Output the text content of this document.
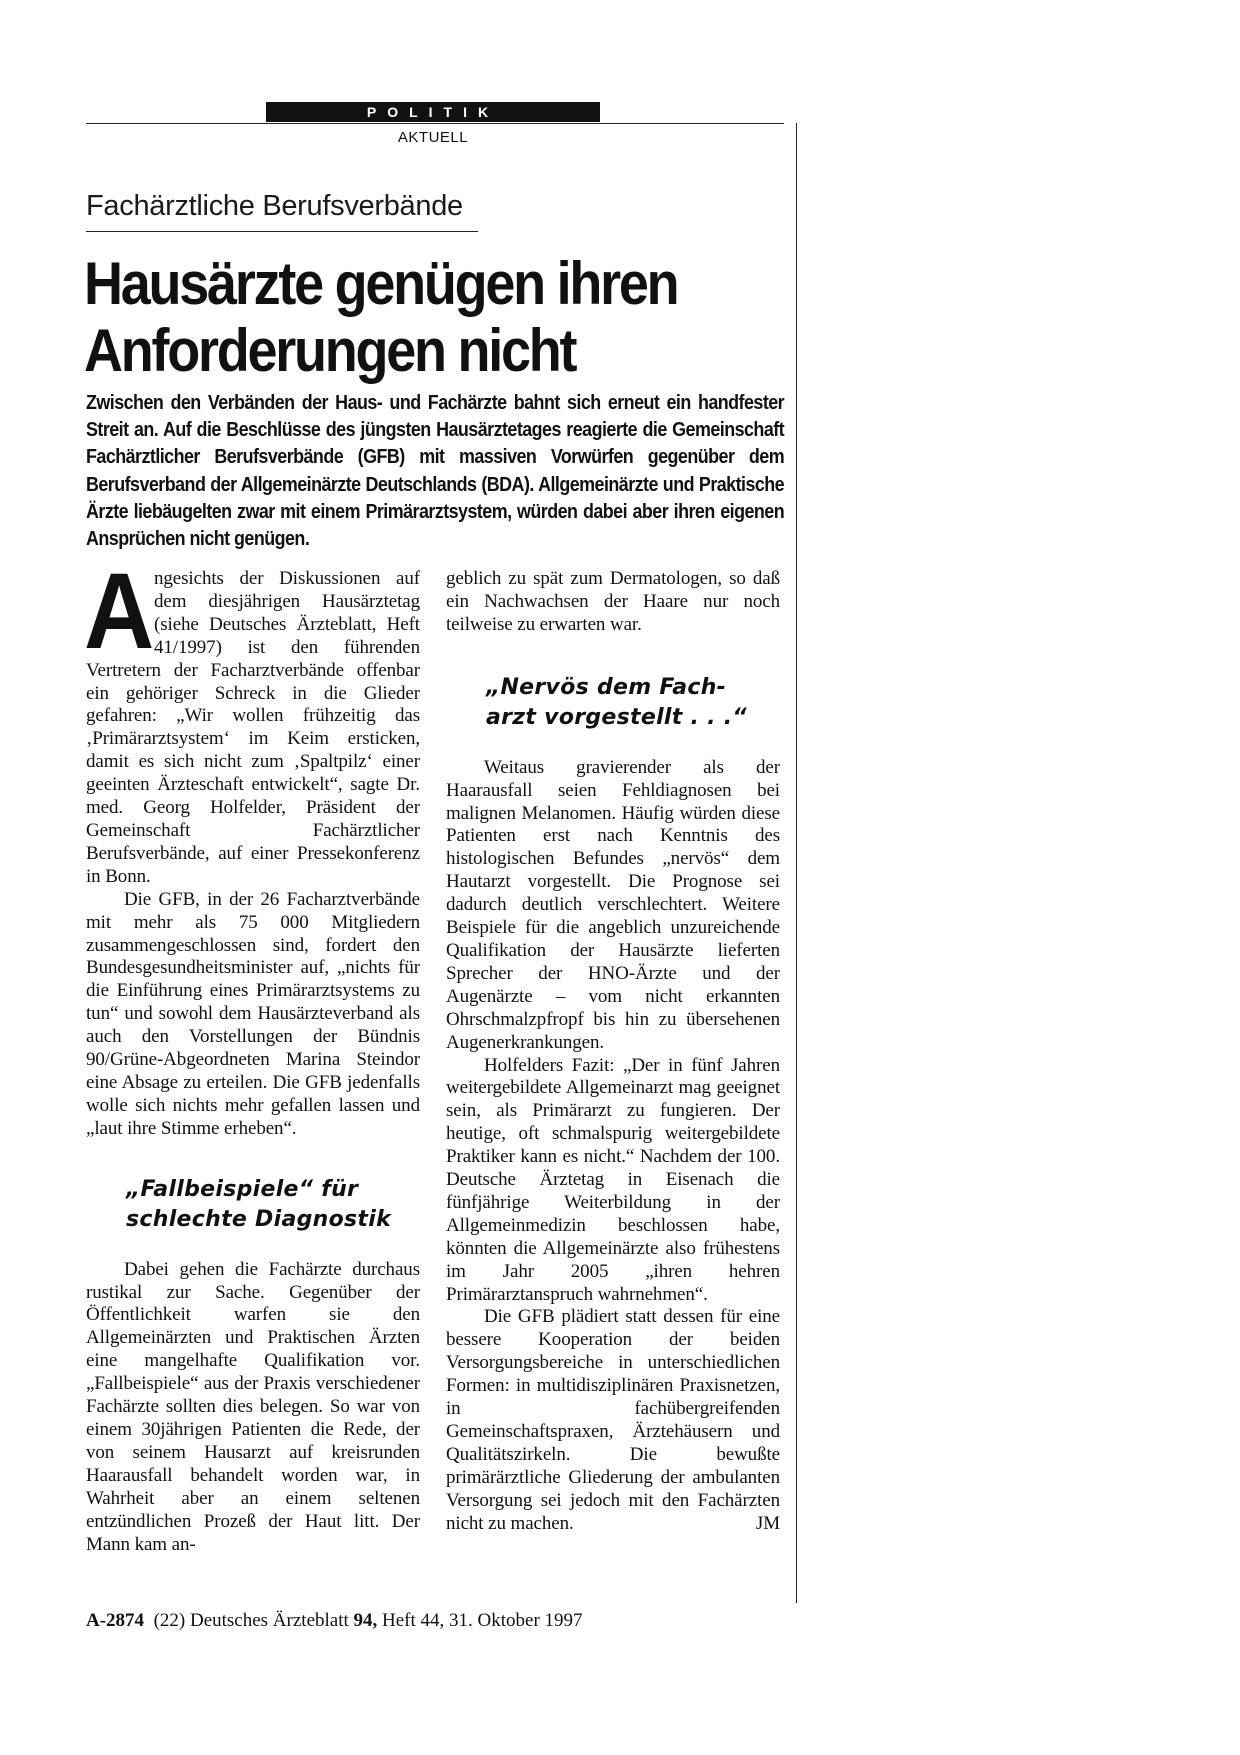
POLITIK
AKTUELL
Fachärztliche Berufsverbände
Hausärzte genügen ihren
Anforderungen nicht
Zwischen den Verbänden der Haus- und Fachärzte bahnt sich erneut ein handfester Streit an. Auf die Beschlüsse des jüngsten Hausärztetages reagierte die Gemeinschaft Fachärztlicher Berufsverbände (GFB) mit massiven Vorwürfen gegenüber dem Berufsverband der Allgemeinärzte Deutschlands (BDA). Allgemeinärzte und Praktische Ärzte liebäugelten zwar mit einem Primärarztsystem, würden dabei aber ihren eigenen Ansprüchen nicht genügen.

Angesichts der Diskussionen auf dem diesjährigen Hausärztetag (siehe Deutsches Ärzteblatt, Heft 41/1997) ist den führenden Vertretern der Facharztverbände offenbar ein gehöriger Schreck in die Glieder gefahren: „Wir wollen frühzeitig das ‚Primärarztsystem‘ im Keim ersticken, damit es sich nicht zum ‚Spaltpilz‘ einer geeinten Ärzteschaft entwickelt“, sagte Dr. med. Georg Holfelder, Präsident der Gemeinschaft Fachärztlicher Berufsverbände, auf einer Pressekonferenz in Bonn.

Die GFB, in der 26 Facharztverbände mit mehr als 75 000 Mitgliedern zusammengeschlossen sind, fordert den Bundesgesundheitsminister auf, „nichts für die Einführung eines Primärarztsystems zu tun“ und sowohl dem Hausärzteverband als auch den Vorstellungen der Bündnis 90/Grüne-Abgeordneten Marina Steindor eine Absage zu erteilen. Die GFB jedenfalls wolle sich nichts mehr gefallen lassen und „laut ihre Stimme erheben“.

„Fallbeispiele“ für
schlechte Diagnostik

Dabei gehen die Fachärzte durchaus rustikal zur Sache. Gegenüber der Öffentlichkeit warfen sie den Allgemeinärzten und Praktischen Ärzten eine mangelhafte Qualifikation vor. „Fallbeispiele“ aus der Praxis verschiedener Fachärzte sollten dies belegen. So war von einem 30jährigen Patienten die Rede, der von seinem Hausarzt auf kreisrunden Haarausfall behandelt worden war, in Wahrheit aber an einem seltenen entzündlichen Prozeß der Haut litt. Der Mann kam an-

geblich zu spät zum Dermatologen, so daß ein Nachwachsen der Haare nur noch teilweise zu erwarten war.

„Nervös dem Fach-
arzt vorgestellt . . .“

Weitaus gravierender als der Haarausfall seien Fehldiagnosen bei malignen Melanomen. Häufig würden diese Patienten erst nach Kenntnis des histologischen Befundes „nervös“ dem Hautarzt vorgestellt. Die Prognose sei dadurch deutlich verschlechtert. Weitere Beispiele für die angeblich unzureichende Qualifikation der Hausärzte lieferten Sprecher der HNO-Ärzte und der Augenärzte – vom nicht erkannten Ohrschmalzpfropf bis hin zu übersehenen Augenerkrankungen.

Holfelders Fazit: „Der in fünf Jahren weitergebildete Allgemeinarzt mag geeignet sein, als Primärarzt zu fungieren. Der heutige, oft schmalspurig weitergebildete Praktiker kann es nicht.“ Nachdem der 100. Deutsche Ärztetag in Eisenach die fünfjährige Weiterbildung in der Allgemeinmedizin beschlossen habe, könnten die Allgemeinärzte also frühestens im Jahr 2005 „ihren hehren Primärarztanspruch wahrnehmen“.

Die GFB plädiert statt dessen für eine bessere Kooperation der beiden Versorgungsbereiche in unterschiedlichen Formen: in multidisziplinären Praxisnetzen, in fachübergreifenden Gemeinschaftspraxen, Ärztehäusern und Qualitätszirkeln. Die bewußte primärärztliche Gliederung der ambulanten Versorgung sei jedoch mit den Fachärzten nicht zu machen.	JM

A-2874 (22) Deutsches Ärzteblatt 94, Heft 44, 31. Oktober 1997
